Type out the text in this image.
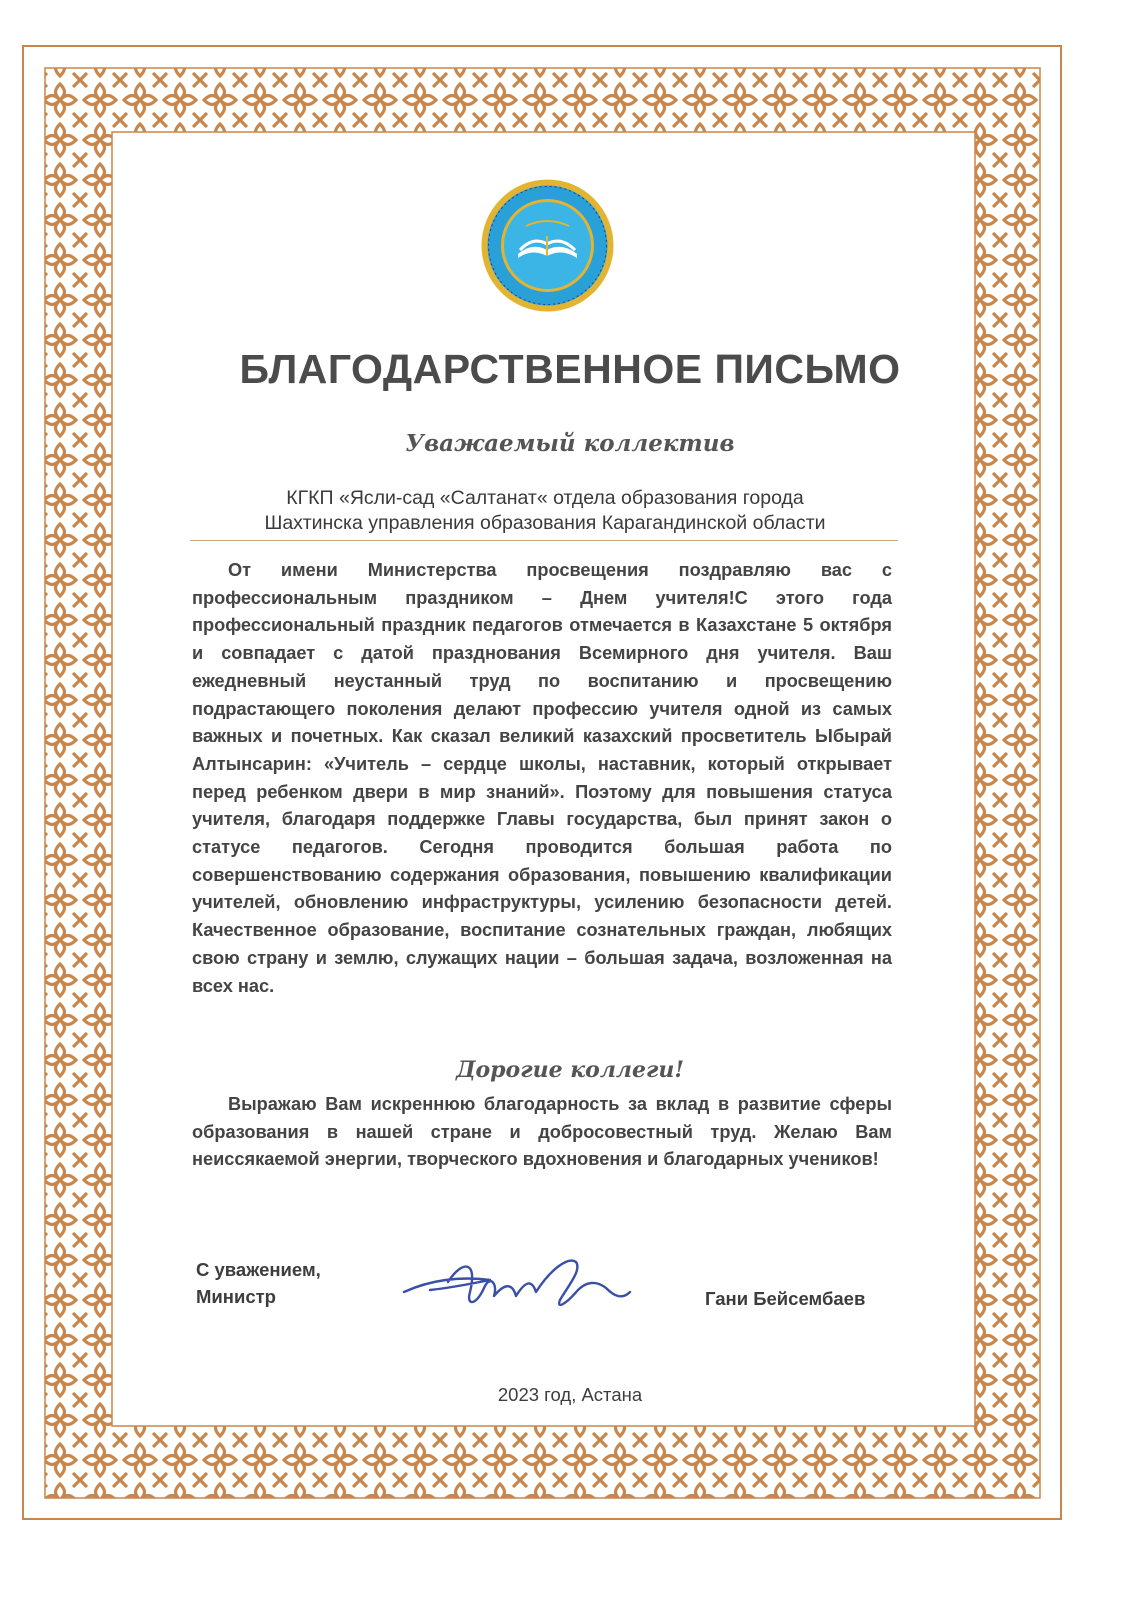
БЛАГОДАРСТВЕННОЕ ПИСЬМО
Уважаемый коллектив
КГКП «Ясли-сад «Салтанат« отдела образования города
Шахтинска управления образования Карагандинской области
От имени Министерства просвещения поздравляю вас с профессиональным праздником – Днем учителя!С этого года профессиональный праздник педагогов отмечается в Казахстане 5 октября и совпадает с датой празднования Всемирного дня учителя. Ваш ежедневный неустанный труд по воспитанию и просвещению подрастающего поколения делают профессию учителя одной из самых важных и почетных. Как сказал великий казахский просветитель Ыбырай Алтынсарин: «Учитель – сердце школы, наставник, который открывает перед ребенком двери в мир знаний». Поэтому для повышения статуса учителя, благодаря поддержке Главы государства, был принят закон о статусе педагогов. Сегодня проводится большая работа по совершенствованию содержания образования, повышению квалификации учителей, обновлению инфраструктуры, усилению безопасности детей. Качественное образование, воспитание сознательных граждан, любящих свою страну и землю, служащих нации – большая задача, возложенная на всех нас.
Дорогие коллеги!
Выражаю Вам искреннюю благодарность за вклад в развитие сферы образования в нашей стране и добросовестный труд. Желаю Вам неиссякаемой энергии, творческого вдохновения и благодарных учеников!
С уважением,
Министр	Гани Бейсембаев
2023 год, Астана
